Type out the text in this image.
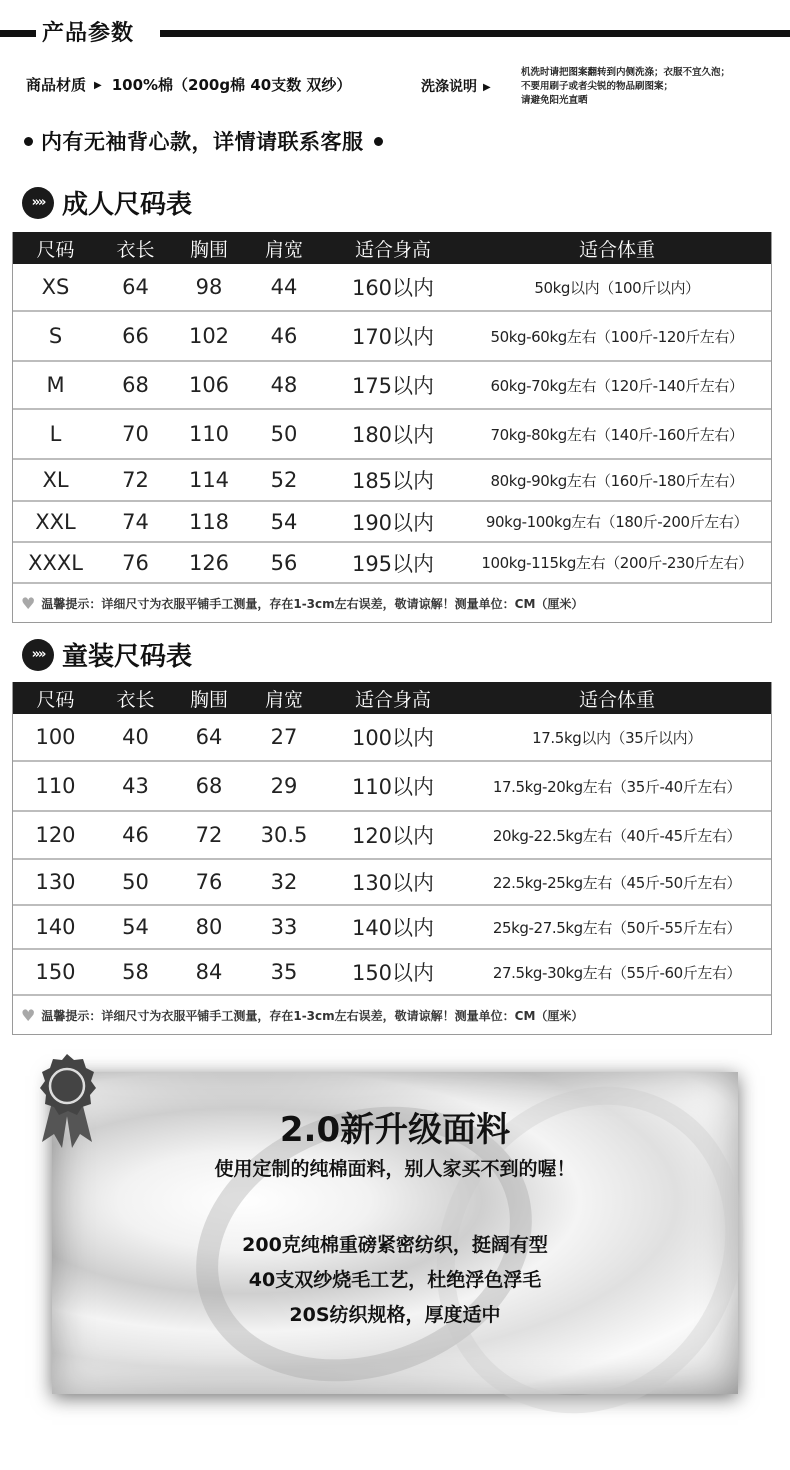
产品参数
商品材质 ▶ 100%棉（200g棉 40支数 双纱）	洗涤说明 ▶
机洗时请把图案翻转到内侧洗涤；衣服不宜久泡；
不要用刷子或者尖锐的物品刷图案；
请避免阳光直晒
内有无袖背心款，详情请联系客服
»» 成人尺码表
尺码	衣长	胸围	肩宽	适合身高	适合体重
XS	64	98	44	160以内	50kg以内（100斤以内）
S	66	102	46	170以内	50kg-60kg左右（100斤-120斤左右）
M	68	106	48	175以内	60kg-70kg左右（120斤-140斤左右）
L	70	110	50	180以内	70kg-80kg左右（140斤-160斤左右）
XL	72	114	52	185以内	80kg-90kg左右（160斤-180斤左右）
XXL	74	118	54	190以内	90kg-100kg左右（180斤-200斤左右）
XXXL	76	126	56	195以内	100kg-115kg左右（200斤-230斤左右）
♥ 温馨提示：详细尺寸为衣服平铺手工测量，存在1-3cm左右误差，敬请谅解！测量单位：CM（厘米）
»» 童装尺码表
尺码	衣长	胸围	肩宽	适合身高	适合体重
100	40	64	27	100以内	17.5kg以内（35斤以内）
110	43	68	29	110以内	17.5kg-20kg左右（35斤-40斤左右）
120	46	72	30.5	120以内	20kg-22.5kg左右（40斤-45斤左右）
130	50	76	32	130以内	22.5kg-25kg左右（45斤-50斤左右）
140	54	80	33	140以内	25kg-27.5kg左右（50斤-55斤左右）
150	58	84	35	150以内	27.5kg-30kg左右（55斤-60斤左右）
♥ 温馨提示：详细尺寸为衣服平铺手工测量，存在1-3cm左右误差，敬请谅解！测量单位：CM（厘米）
2.0新升级面料
使用定制的纯棉面料，别人家买不到的喔！
200克纯棉重磅紧密纺织，挺阔有型
40支双纱烧毛工艺，杜绝浮色浮毛
20S纺织规格，厚度适中
